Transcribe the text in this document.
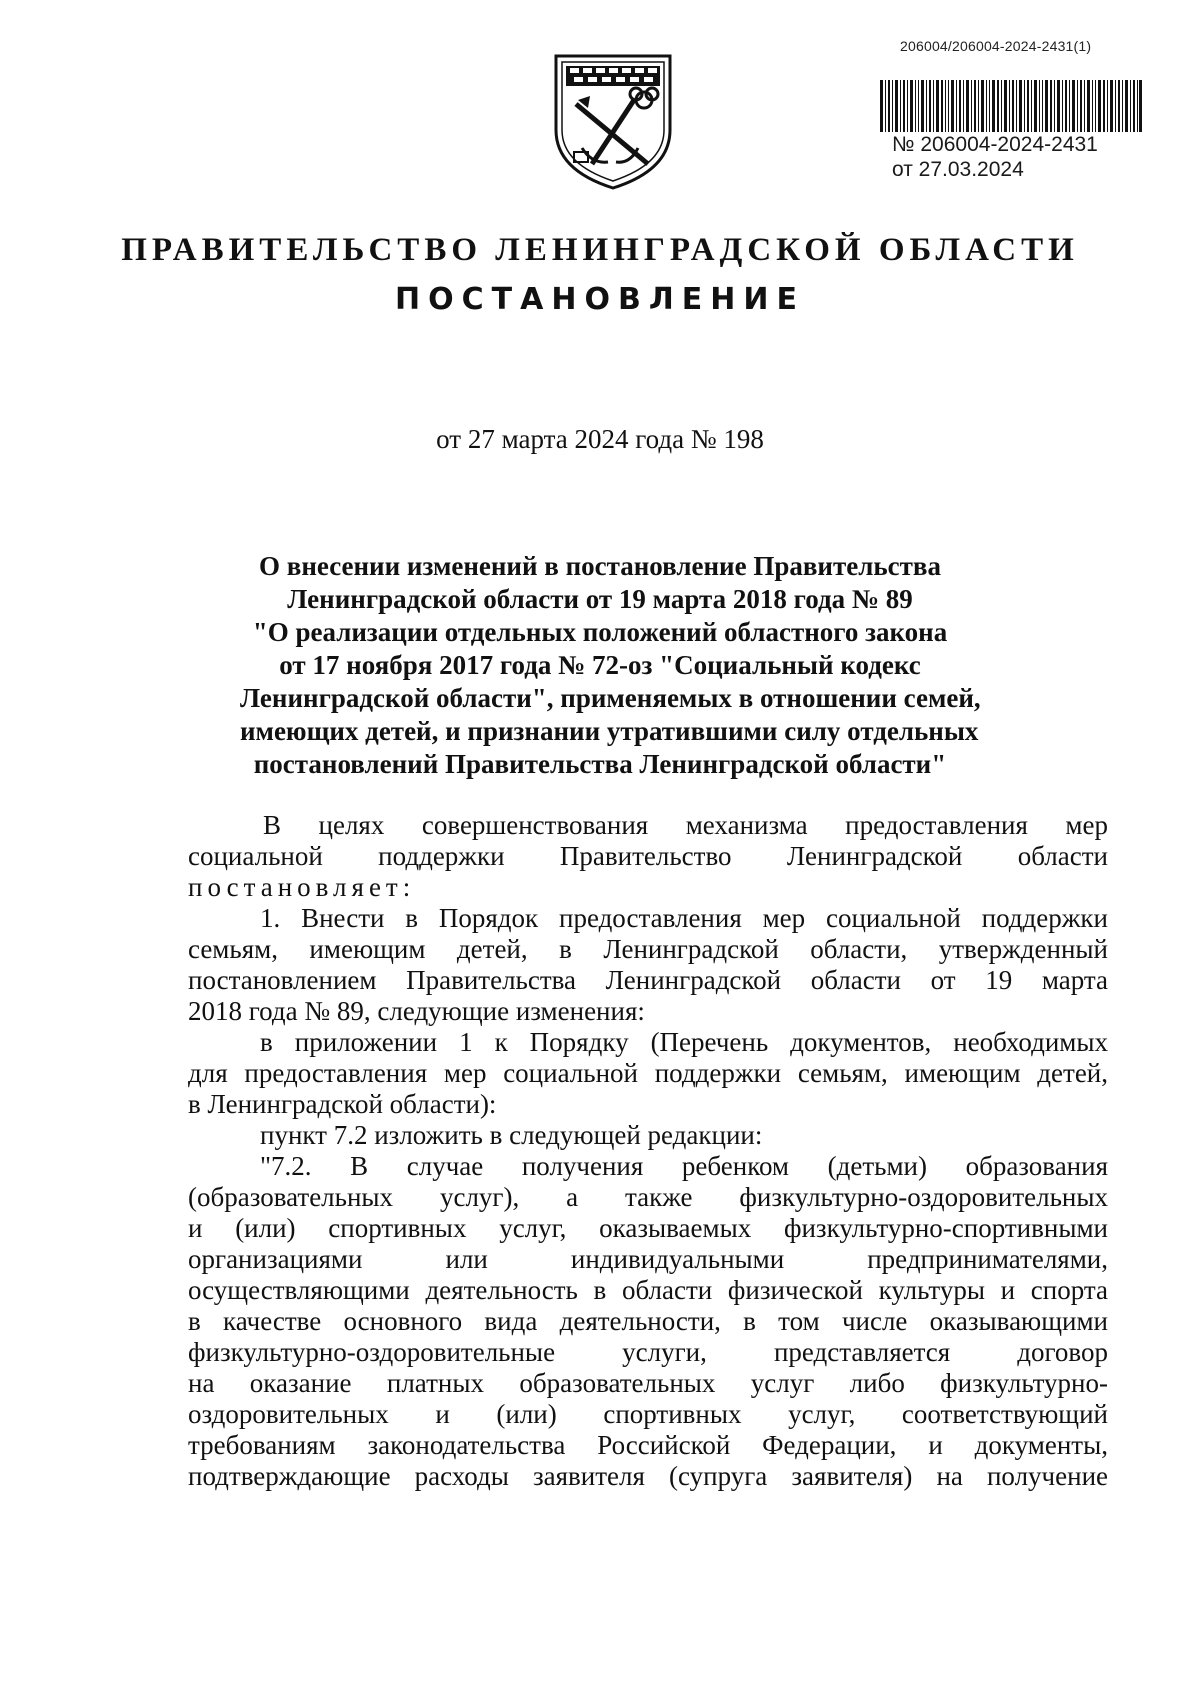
206004/206004-2024-2431(1)
№ 206004-2024-2431
от 27.03.2024
ПРАВИТЕЛЬСТВО ЛЕНИНГРАДСКОЙ ОБЛАСТИ
ПОСТАНОВЛЕНИЕ
от 27 марта 2024 года № 198
О внесении изменений в постановление Правительства
Ленинградской области от 19 марта 2018 года № 89
"О реализации отдельных положений областного закона
от 17 ноября 2017 года № 72-оз "Социальный кодекс
Ленинградской области", применяемых в отношении семей,
имеющих детей, и признании утратившими силу отдельных
постановлений Правительства Ленинградской области"
В целях совершенствования механизма предоставления мер
социальной поддержки Правительство Ленинградской области
постановляет:
1. Внести в Порядок предоставления мер социальной поддержки
семьям, имеющим детей, в Ленинградской области, утвержденный
постановлением Правительства Ленинградской области от 19 марта
2018 года № 89, следующие изменения:
в приложении 1 к Порядку (Перечень документов, необходимых
для предоставления мер социальной поддержки семьям, имеющим детей,
в Ленинградской области):
пункт 7.2 изложить в следующей редакции:
"7.2. В случае получения ребенком (детьми) образования
(образовательных услуг), а также физкультурно-оздоровительных
и (или) спортивных услуг, оказываемых физкультурно-спортивными
организациями или индивидуальными предпринимателями,
осуществляющими деятельность в области физической культуры и спорта
в качестве основного вида деятельности, в том числе оказывающими
физкультурно-оздоровительные услуги, представляется договор
на оказание платных образовательных услуг либо физкультурно-
оздоровительных и (или) спортивных услуг, соответствующий
требованиям законодательства Российской Федерации, и документы,
подтверждающие расходы заявителя (супруга заявителя) на получение
